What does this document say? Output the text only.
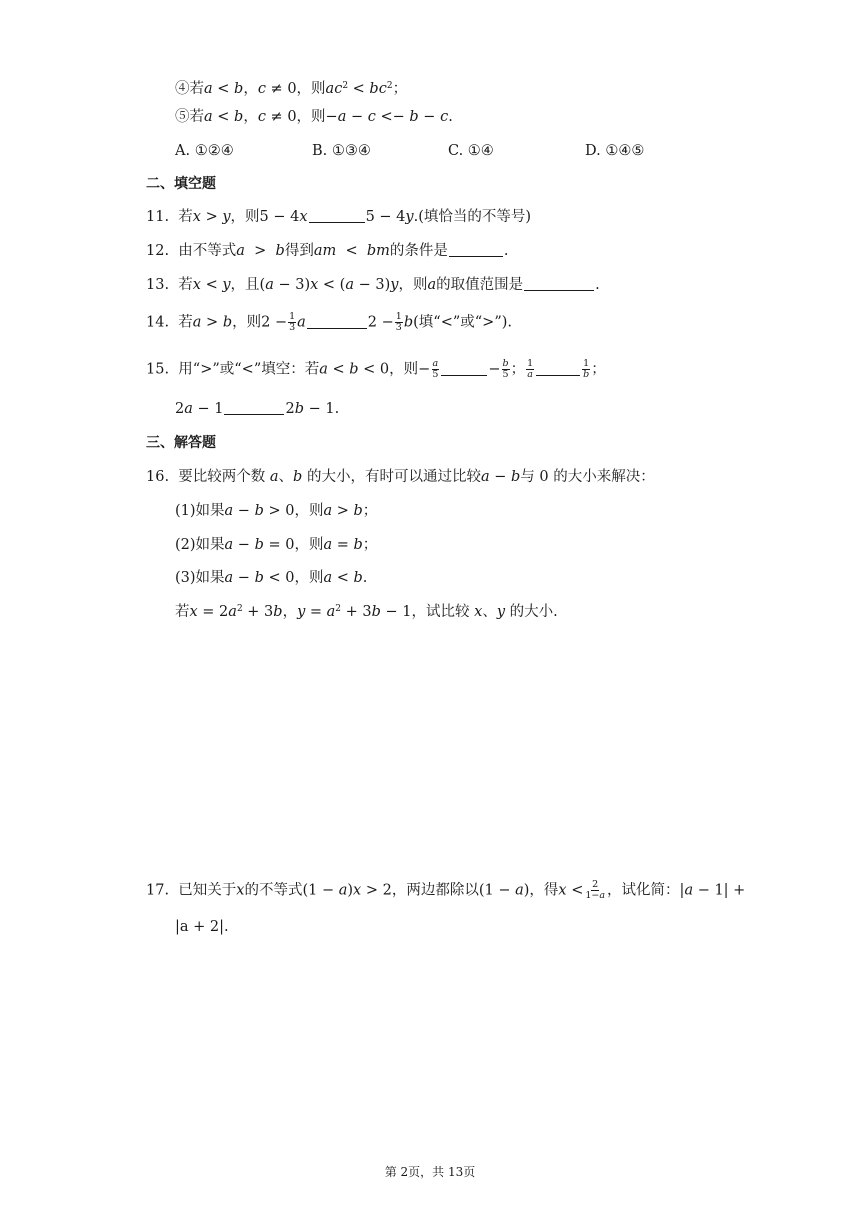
④若a < b，c ≠ 0，则$ac^2 < bc^2$；
⑤若a < b，c ≠ 0，则−a − c <− b − c.
A. ①②④	B. ①③④	C. ①④	D. ①④⑤
二、填空题
11. 若x > y，则5 − 4x	5 − 4y.(填恰当的不等号)
12. 由不等式a  >  b得到am  <  bm的条件是	.
13. 若x < y，且(a − 3)x < (a − 3)y，则a的取值范围是	.
14. 若a > b，则$2 - \frac{1}{3}$ a	$2 - \frac{1}{3} b$(填“<”或“>”).
15. 用“>”或“<”填空：若a < b < 0，则− $\frac{a}{5}$	− $\frac{b}{5}$ ； $\frac{1}{a}$	$\frac{1}{b}$ ；
2a − 1	2b − 1.
三、解答题
16. 要比较两个数 a、b 的大小，有时可以通过比较a − b与 0 的大小来解决：
(1)如果a − b > 0，则a > b；
(2)如果a − b = 0，则a = b；
(3)如果a − b < 0，则a < b.
若$x = 2a^2 + 3b$，$y = a^2 + 3b - 1$，试比较 x、y 的大小.
17. 已知关于x的不等式(1 − a)x > 2，两边都除以(1 − a)，得$x < \frac{2}{1-a}$ ，试化简：|a − 1| +
|a + 2|.
第 2页，共 13页
